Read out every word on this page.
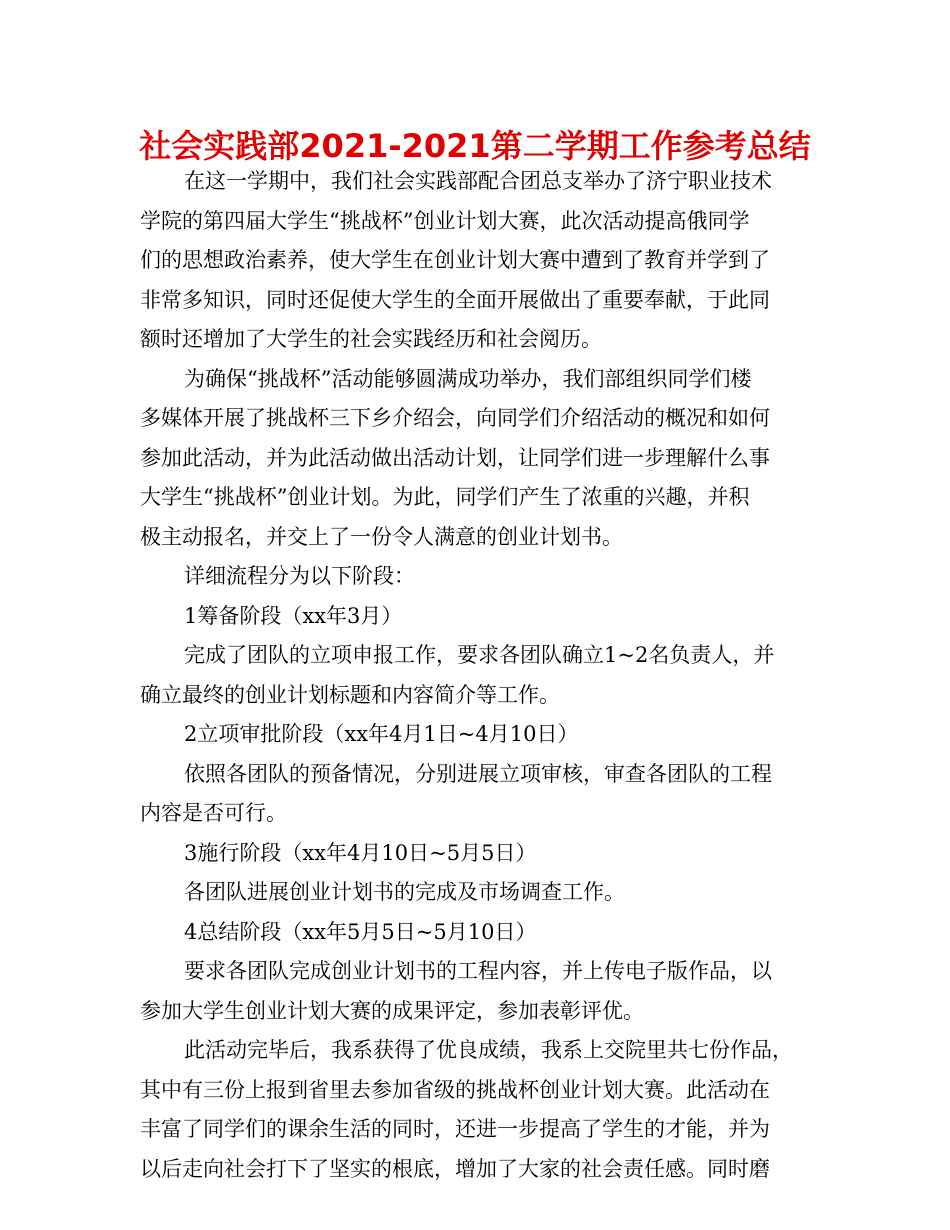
社会实践部2021-2021第二学期工作参考总结
在这一学期中，我们社会实践部配合团总支举办了济宁职业技术
学院的第四届大学生“挑战杯”创业计划大赛，此次活动提高俄同学
们的思想政治素养，使大学生在创业计划大赛中遭到了教育并学到了
非常多知识，同时还促使大学生的全面开展做出了重要奉献，于此同
额时还增加了大学生的社会实践经历和社会阅历。
为确保“挑战杯”活动能够圆满成功举办，我们部组织同学们楼
多媒体开展了挑战杯三下乡介绍会，向同学们介绍活动的概况和如何
参加此活动，并为此活动做出活动计划，让同学们进一步理解什么事
大学生“挑战杯”创业计划。为此，同学们产生了浓重的兴趣，并积
极主动报名，并交上了一份令人满意的创业计划书。
详细流程分为以下阶段：
1筹备阶段（xx年3月）
完成了团队的立项申报工作，要求各团队确立1~2名负责人，并
确立最终的创业计划标题和内容简介等工作。
2立项审批阶段（xx年4月1日~4月10日）
依照各团队的预备情况，分别进展立项审核，审查各团队的工程
内容是否可行。
3施行阶段（xx年4月10日~5月5日）
各团队进展创业计划书的完成及市场调查工作。
4总结阶段（xx年5月5日~5月10日）
要求各团队完成创业计划书的工程内容，并上传电子版作品，以
参加大学生创业计划大赛的成果评定，参加表彰评优。
此活动完毕后，我系获得了优良成绩，我系上交院里共七份作品，
其中有三份上报到省里去参加省级的挑战杯创业计划大赛。此活动在
丰富了同学们的课余生活的同时，还进一步提高了学生的才能，并为
以后走向社会打下了坚实的根底，增加了大家的社会责任感。同时磨
